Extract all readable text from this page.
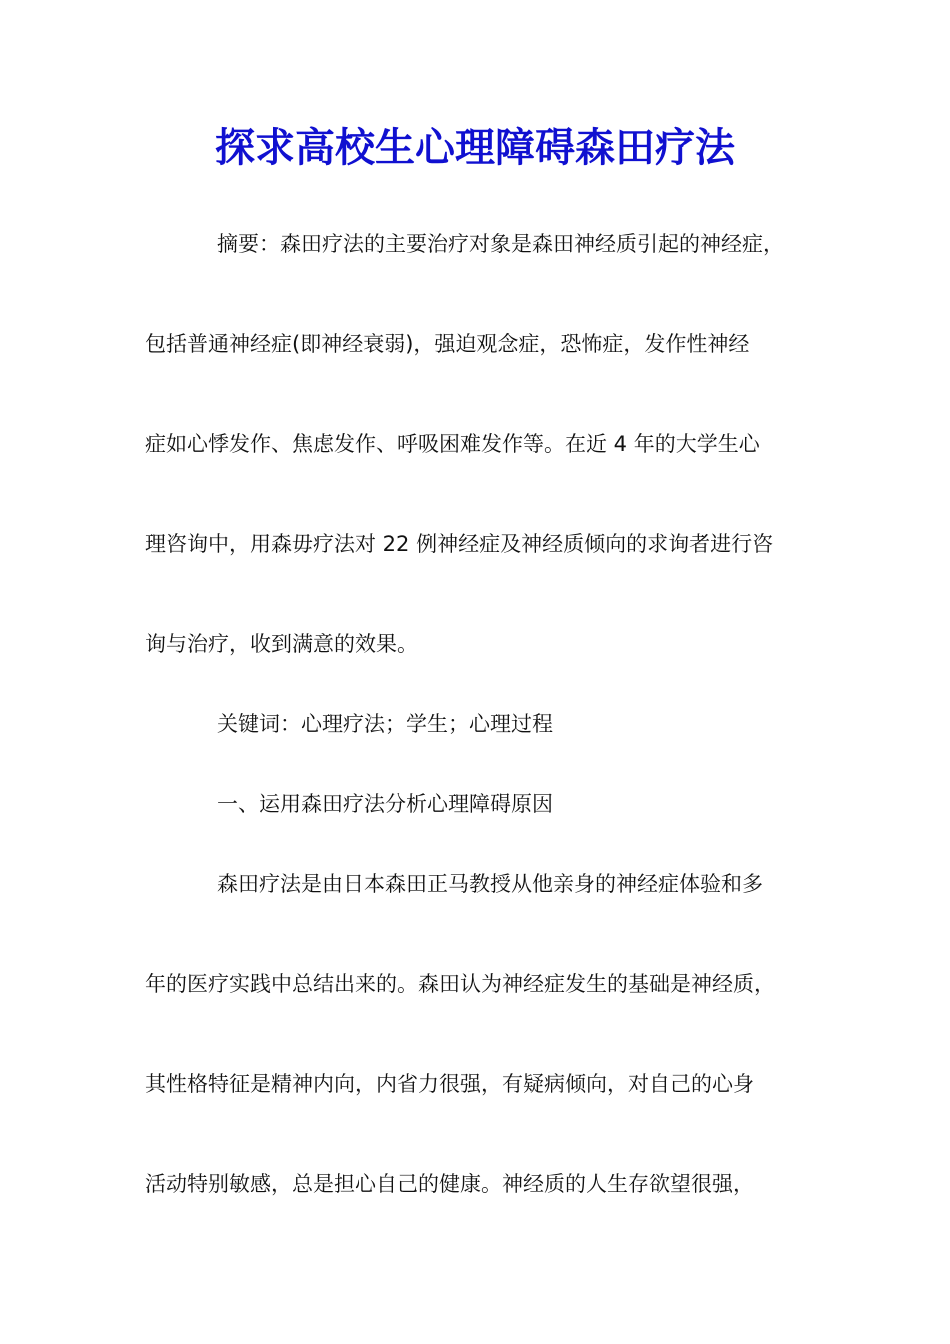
探求高校生心理障碍森田疗法

摘要：森田疗法的主要治疗对象是森田神经质引起的神经症，

包括普通神经症(即神经衰弱)，强迫观念症，恐怖症，发作性神经

症如心悸发作、焦虑发作、呼吸困难发作等。在近 4 年的大学生心

理咨询中，用森毋疗法对 22 例神经症及神经质倾向的求询者进行咨

询与治疗，收到满意的效果。

关键词：心理疗法；学生；心理过程

一、运用森田疗法分析心理障碍原因

森田疗法是由日本森田正马教授从他亲身的神经症体验和多

年的医疗实践中总结出来的。森田认为神经症发生的基础是神经质，

其性格特征是精神内向，内省力很强，有疑病倾向，对自己的心身

活动特别敏感，总是担心自己的健康。神经质的人生存欲望很强，
